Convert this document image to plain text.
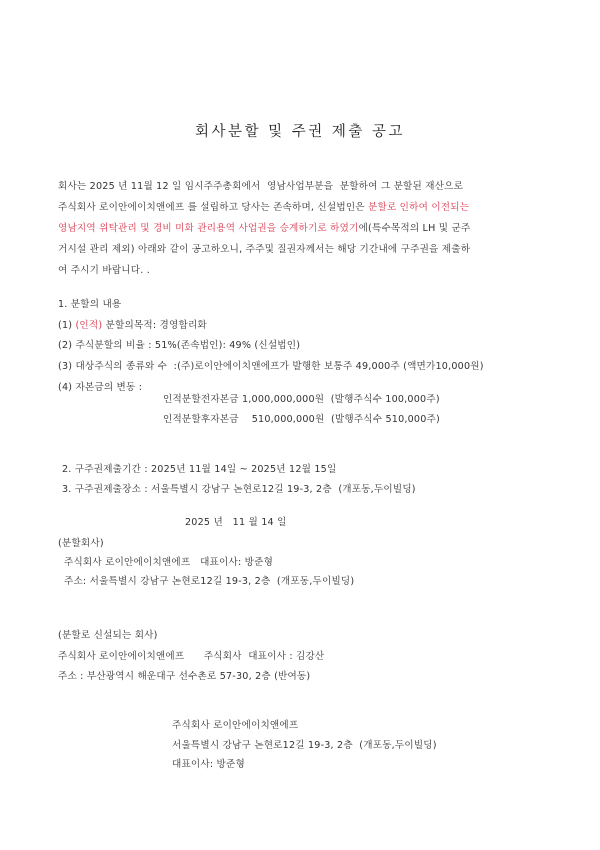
회사분할 및 주권 제출 공고
회사는 2025 년 11월 12 일 임시주주총회에서  영남사업부분을  분할하여 그 분할된 재산으로
주식회사 로이안에이치앤에프 를 설립하고 당사는 존속하며, 신설법인은 분할로 인하여 이전되는
영남지역 위탁관리 및 경비 미화 관리용역 사업권을 승계하기로 하였기에(특수목적의 LH 및 군주
거시설 관리 제외) 아래와 같이 공고하오니, 주주및 질권자께서는 해당 기간내에 구주권을 제출하
여 주시기 바랍니다. .
1. 분할의 내용
(1) (인적) 분할의목적: 경영합리화
(2) 주식분할의 비율 : 51%(존속법인): 49% (신설법인)
(3) 대상주식의 종류와 수  :(주)로이안에이치앤에프가 발행한 보통주 49,000주 (액면가10,000원)
(4) 자본금의 변동 :
인적분할전자본금 1,000,000,000원  (발행주식수 100,000주)
인적분할후자본금    510,000,000원  (발행주식수 510,000주)
2. 구주권제출기간 : 2025년 11월 14일 ~ 2025년 12월 15일
3. 구주권제출장소 : 서울특별시 강남구 논현로12길 19-3, 2층  (개포동,두이빌딩)
2025 년   11 월 14 일
(분할회사)
주식회사 로이안에이치앤에프   대표이사: 방준형
주소: 서울특별시 강남구 논현로12길 19-3, 2층  (개포동,두이빌딩)
(분할로 신설되는 회사)
주식회사 로이안에이치앤에프      주식회사  대표이사 : 김강산
주소 : 부산광역시 해운대구 선수촌로 57-30, 2층 (반여동)
주식회사 로이안에이치앤에프
서울특별시 강남구 논현로12길 19-3, 2층  (개포동,두이빌딩)
대표이사: 방준형
